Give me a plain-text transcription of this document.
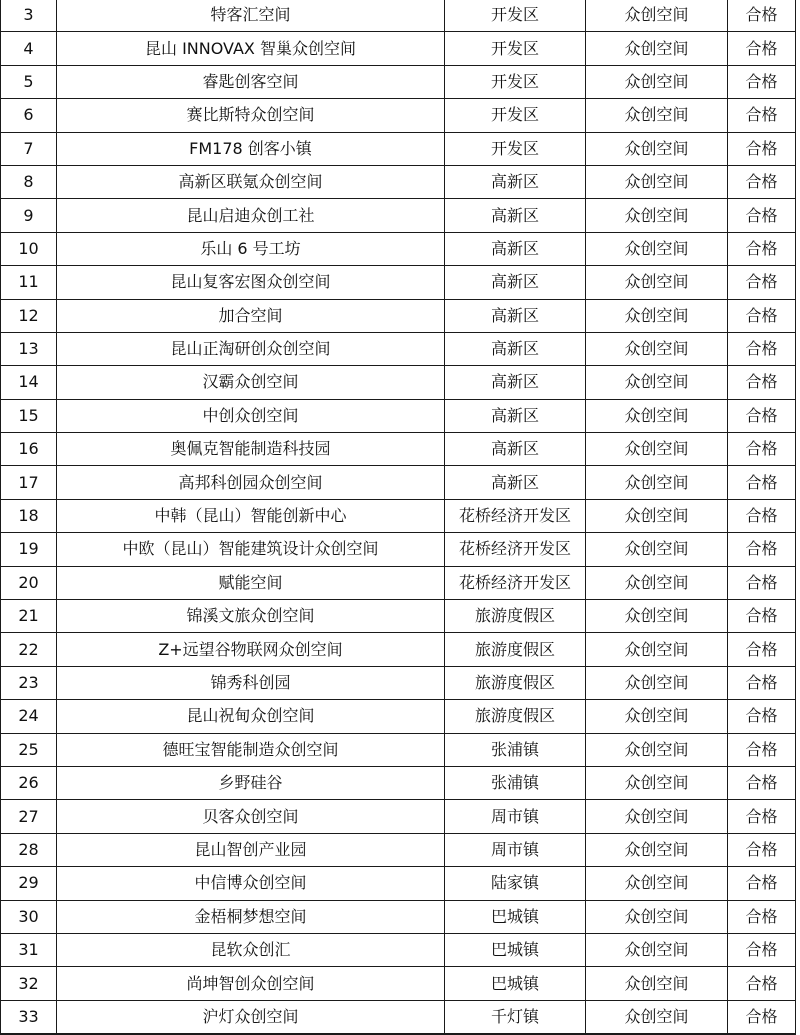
3	特客汇空间	开发区	众创空间	合格
4	昆山 INNOVAX 智巢众创空间	开发区	众创空间	合格
5	睿匙创客空间	开发区	众创空间	合格
6	赛比斯特众创空间	开发区	众创空间	合格
7	FM178 创客小镇	开发区	众创空间	合格
8	高新区联氪众创空间	高新区	众创空间	合格
9	昆山启迪众创工社	高新区	众创空间	合格
10	乐山 6 号工坊	高新区	众创空间	合格
11	昆山复客宏图众创空间	高新区	众创空间	合格
12	加合空间	高新区	众创空间	合格
13	昆山正淘研创众创空间	高新区	众创空间	合格
14	汉霸众创空间	高新区	众创空间	合格
15	中创众创空间	高新区	众创空间	合格
16	奥佩克智能制造科技园	高新区	众创空间	合格
17	高邦科创园众创空间	高新区	众创空间	合格
18	中韩（昆山）智能创新中心	花桥经济开发区	众创空间	合格
19	中欧（昆山）智能建筑设计众创空间	花桥经济开发区	众创空间	合格
20	赋能空间	花桥经济开发区	众创空间	合格
21	锦溪文旅众创空间	旅游度假区	众创空间	合格
22	Z+远望谷物联网众创空间	旅游度假区	众创空间	合格
23	锦秀科创园	旅游度假区	众创空间	合格
24	昆山祝甸众创空间	旅游度假区	众创空间	合格
25	德旺宝智能制造众创空间	张浦镇	众创空间	合格
26	乡野硅谷	张浦镇	众创空间	合格
27	贝客众创空间	周市镇	众创空间	合格
28	昆山智创产业园	周市镇	众创空间	合格
29	中信博众创空间	陆家镇	众创空间	合格
30	金梧桐梦想空间	巴城镇	众创空间	合格
31	昆软众创汇	巴城镇	众创空间	合格
32	尚坤智创众创空间	巴城镇	众创空间	合格
33	沪灯众创空间	千灯镇	众创空间	合格
